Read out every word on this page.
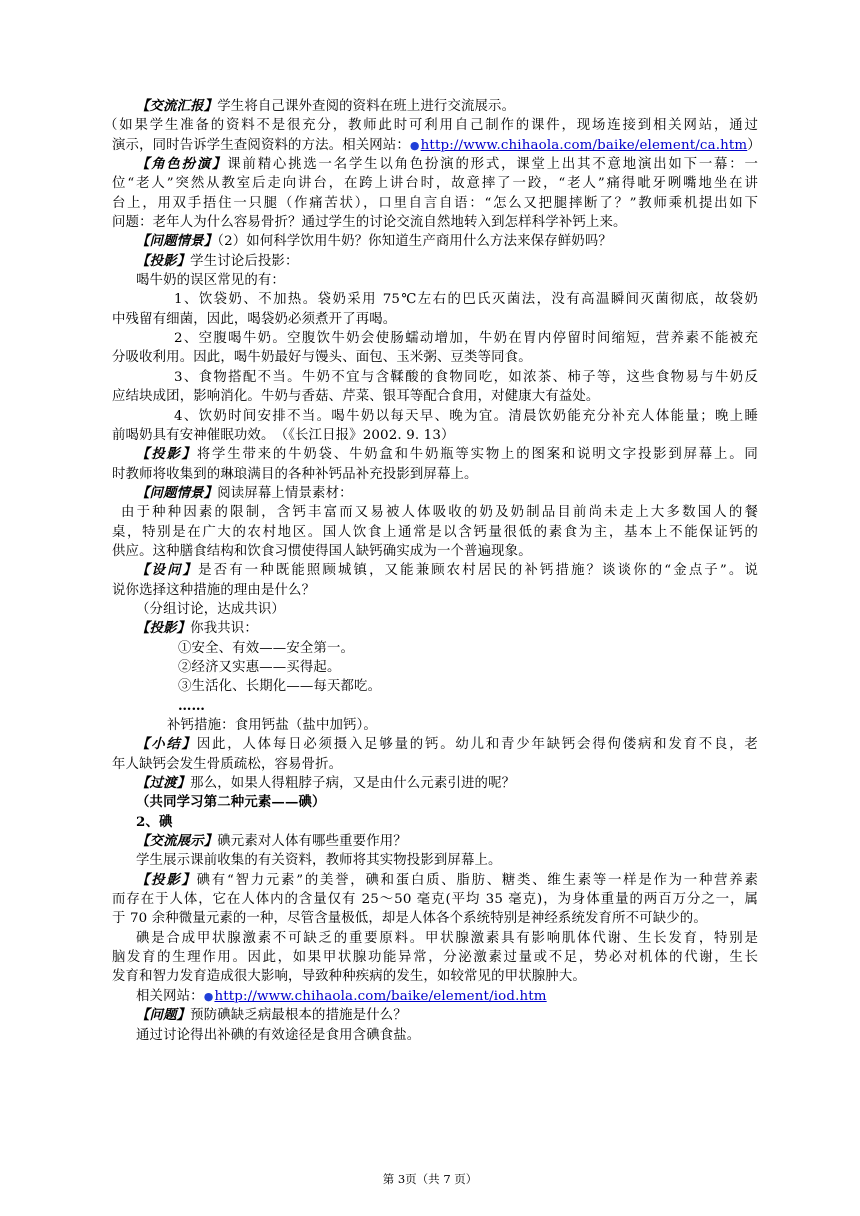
【交流汇报】学生将自己课外查阅的资料在班上进行交流展示。
（如果学生准备的资料不是很充分，教师此时可利用自己制作的课件，现场连接到相关网站，通过
演示，同时告诉学生查阅资料的方法。相关网站：●http://www.chihaola.com/baike/element/ca.htm）
【角色扮演】课前精心挑选一名学生以角色扮演的形式，课堂上出其不意地演出如下一幕：一
位“老人”突然从教室后走向讲台，在跨上讲台时，故意摔了一跤，“老人”痛得呲牙咧嘴地坐在讲
台上，用双手捂住一只腿（作痛苦状），口里自言自语：“怎么又把腿摔断了？”教师乘机提出如下
问题：老年人为什么容易骨折？通过学生的讨论交流自然地转入到怎样科学补钙上来。
【问题情景】（2）如何科学饮用牛奶？你知道生产商用什么方法来保存鲜奶吗？
【投影】学生讨论后投影：
喝牛奶的误区常见的有：
1、饮袋奶、不加热。袋奶采用 75℃左右的巴氏灭菌法，没有高温瞬间灭菌彻底，故袋奶
中残留有细菌，因此，喝袋奶必须煮开了再喝。
2、空腹喝牛奶。空腹饮牛奶会使肠蠕动增加，牛奶在胃内停留时间缩短，营养素不能被充
分吸收利用。因此，喝牛奶最好与馒头、面包、玉米粥、豆类等同食。
3、食物搭配不当。牛奶不宜与含鞣酸的食物同吃，如浓茶、柿子等，这些食物易与牛奶反
应结块成团，影响消化。牛奶与香菇、芹菜、银耳等配合食用，对健康大有益处。
4、饮奶时间安排不当。喝牛奶以每天早、晚为宜。清晨饮奶能充分补充人体能量；晚上睡
前喝奶具有安神催眠功效。　（《长江日报》2002. 9. 13）
【投影】将学生带来的牛奶袋、牛奶盒和牛奶瓶等实物上的图案和说明文字投影到屏幕上。同
时教师将收集到的琳琅满目的各种补钙品补充投影到屏幕上。
【问题情景】阅读屏幕上情景素材：
由于种种因素的限制，含钙丰富而又易被人体吸收的奶及奶制品目前尚未走上大多数国人的餐
桌，特别是在广大的农村地区。国人饮食上通常是以含钙量很低的素食为主，基本上不能保证钙的
供应。这种膳食结构和饮食习惯使得国人缺钙确实成为一个普遍现象。
【设问】是否有一种既能照顾城镇，又能兼顾农村居民的补钙措施？谈谈你的“金点子”。说
说你选择这种措施的理由是什么？
（分组讨论，达成共识）
【投影】你我共识：
①安全、有效——安全第一。
②经济又实惠——买得起。
③生活化、长期化——每天都吃。
……
补钙措施：食用钙盐（盐中加钙）。
【小结】因此，人体每日必须摄入足够量的钙。幼儿和青少年缺钙会得佝偻病和发育不良，老
年人缺钙会发生骨质疏松，容易骨折。
【过渡】那么，如果人得粗脖子病，又是由什么元素引进的呢？
（共同学习第二种元素——碘）
2、碘
【交流展示】碘元素对人体有哪些重要作用？
学生展示课前收集的有关资料，教师将其实物投影到屏幕上。
【投影】碘有“智力元素”的美誉，碘和蛋白质、脂肪、糖类、维生素等一样是作为一种营养素
而存在于人体，它在人体内的含量仅有 25～50 毫克(平均 35 毫克)，为身体重量的两百万分之一，属
于 70 余种微量元素的一种，尽管含量极低，却是人体各个系统特别是神经系统发育所不可缺少的。
碘是合成甲状腺激素不可缺乏的重要原料。甲状腺激素具有影响肌体代谢、生长发育，特别是
脑发育的生理作用。因此，如果甲状腺功能异常，分泌激素过量或不足，势必对机体的代谢，生长
发育和智力发育造成很大影响，导致种种疾病的发生，如较常见的甲状腺肿大。
相关网站：●http://www.chihaola.com/baike/element/iod.htm
【问题】预防碘缺乏病最根本的措施是什么？
通过讨论得出补碘的有效途径是食用含碘食盐。
第 3页（共 7 页）
